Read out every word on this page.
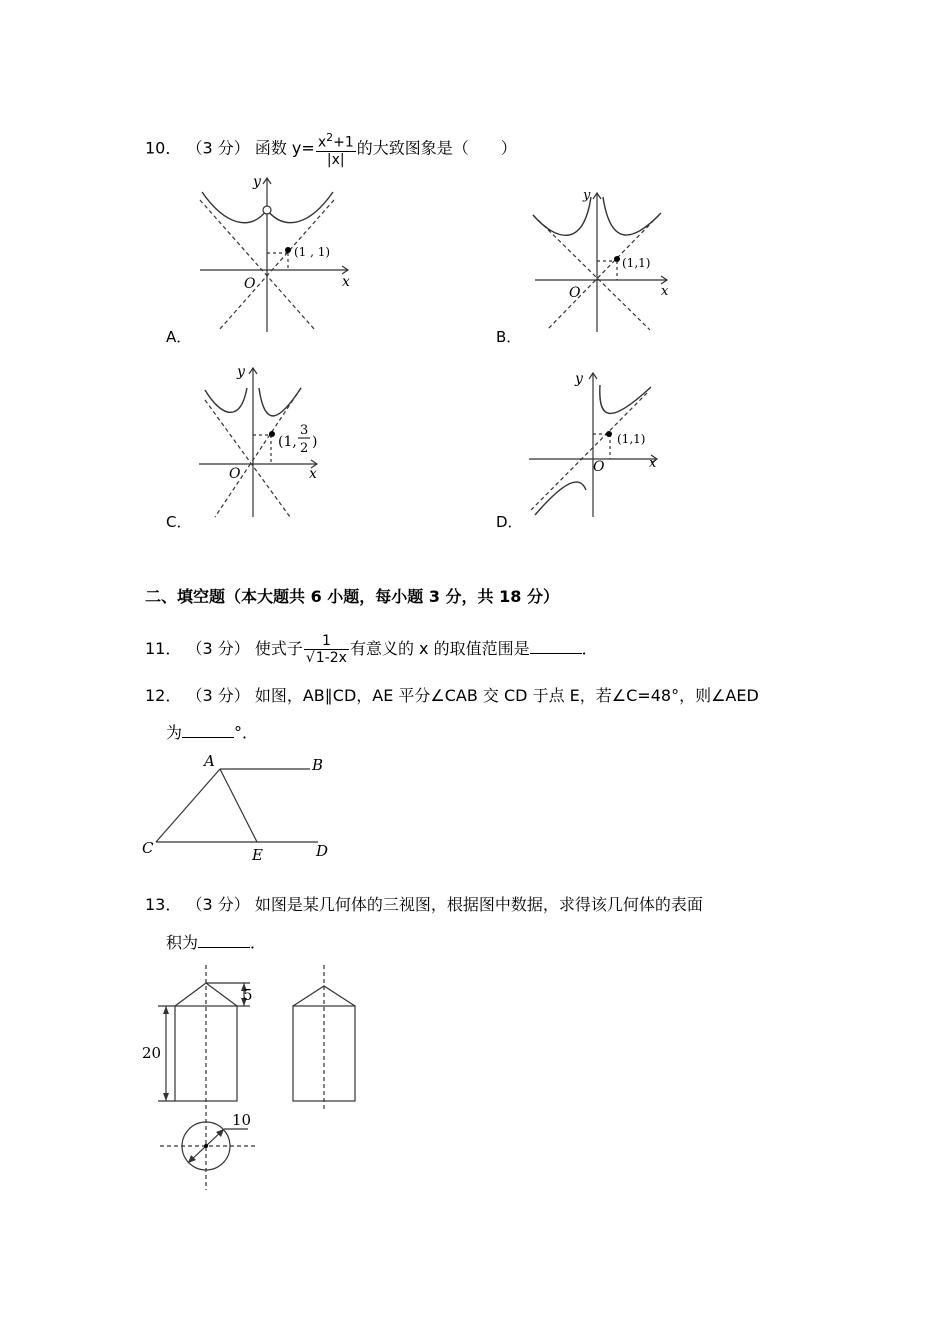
10． （3 分） 函数 $y= \frac{x^2+1}{|x|}$ 的大致图象是（　　）
(1 , 1)
y
x
O
A．
(1,1)
y
x
O
B．
(1,
3
2 )
y
x
O
C．
(1,1)
y
x
O
D．
二、填空题（本大题共 6 小题，每小题 3 分，共 18 分）
11． （3 分） 使式子 $\frac{1}{√1-2x}$ 有意义的 x 的取值范围是	．
12． （3 分） 如图，AB∥CD，AE 平分∠CAB 交 CD 于点 E，若∠C=48°，则∠AED
为	°．
A	B
C	E	D
13． （3 分） 如图是某几何体的三视图，根据图中数据，求得该几何体的表面
积为	．
5
20
10
